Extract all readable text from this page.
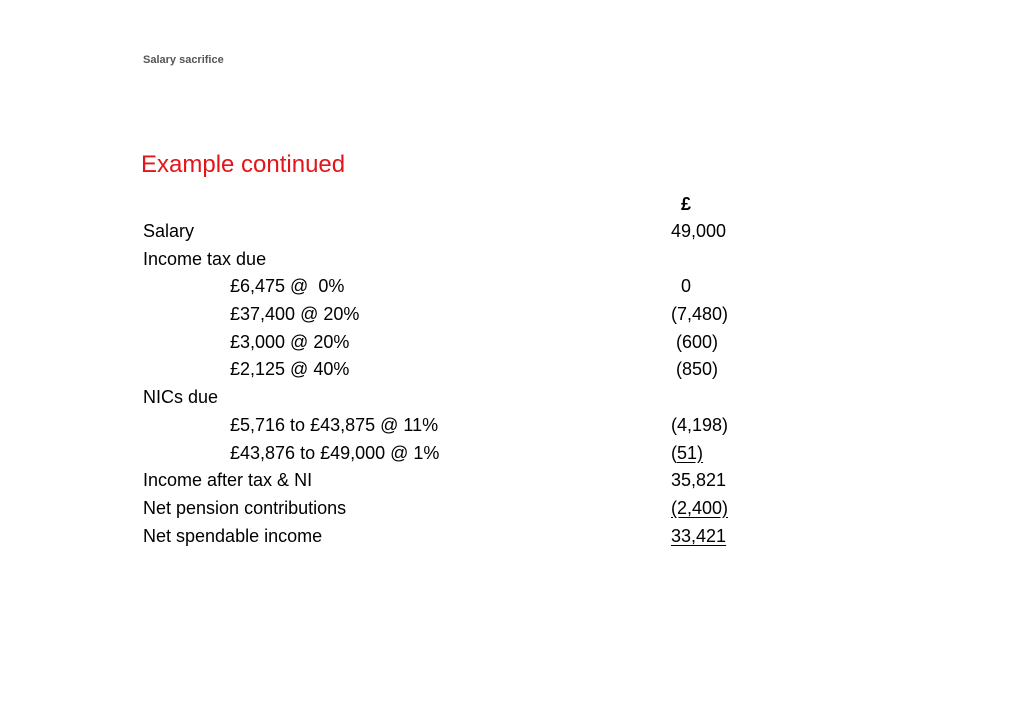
Salary sacrifice
Example continued
£
Salary	49,000
Income tax due
£6,475 @  0%	0
£37,400 @ 20%	(7,480)
£3,000 @ 20%	(600)
£2,125 @ 40%	(850)
NICs due
£5,716 to £43,875 @ 11%	(4,198)
£43,876 to £49,000 @ 1%	(51)
Income after tax & NI	35,821
Net pension contributions	(2,400)
Net spendable income	33,421
